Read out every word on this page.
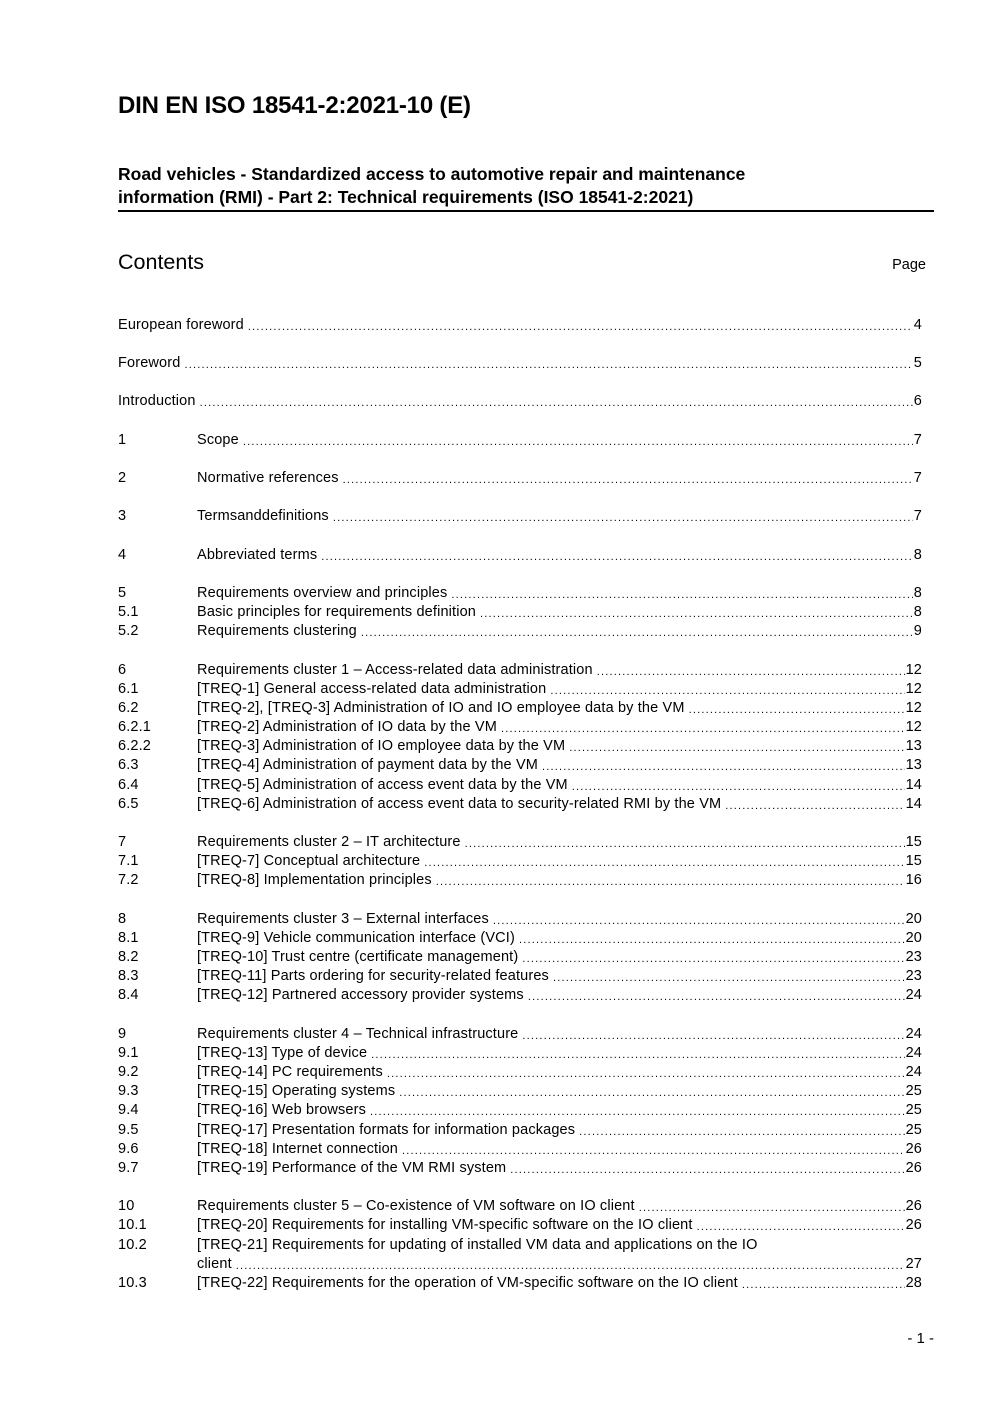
DIN EN ISO 18541-2:2021-10 (E)
Road vehicles - Standardized access to automotive repair and maintenance
information (RMI) - Part 2: Technical requirements (ISO 18541-2:2021)
Contents	Page
European foreword .....	4
Foreword .....	5
Introduction .....	6
1	Scope .....	7
2	Normative references .....	7
3	Termsanddefinitions .....	7
4	Abbreviated terms .....	8
5	Requirements overview and principles .....	8
5.1	Basic principles for requirements definition .....	8
5.2	Requirements clustering .....	9
6	Requirements cluster 1 – Access-related data administration .....	12
6.1	[TREQ-1] General access-related data administration .....	12
6.2	[TREQ-2], [TREQ-3] Administration of IO and IO employee data by the VM .....	12
6.2.1	[TREQ-2] Administration of IO data by the VM .....	12
6.2.2	[TREQ-3] Administration of IO employee data by the VM .....	13
6.3	[TREQ-4] Administration of payment data by the VM .....	13
6.4	[TREQ-5] Administration of access event data by the VM .....	14
6.5	[TREQ-6] Administration of access event data to security-related RMI by the VM .....	14
7	Requirements cluster 2 – IT architecture .....	15
7.1	[TREQ-7] Conceptual architecture .....	15
7.2	[TREQ-8] Implementation principles .....	16
8	Requirements cluster 3 – External interfaces .....	20
8.1	[TREQ-9] Vehicle communication interface (VCI) .....	20
8.2	[TREQ-10] Trust centre (certificate management) .....	23
8.3	[TREQ-11] Parts ordering for security-related features .....	23
8.4	[TREQ-12] Partnered accessory provider systems .....	24
9	Requirements cluster 4 – Technical infrastructure .....	24
9.1	[TREQ-13] Type of device .....	24
9.2	[TREQ-14] PC requirements .....	24
9.3	[TREQ-15] Operating systems .....	25
9.4	[TREQ-16] Web browsers .....	25
9.5	[TREQ-17] Presentation formats for information packages .....	25
9.6	[TREQ-18] Internet connection .....	26
9.7	[TREQ-19] Performance of the VM RMI system .....	26
10	Requirements cluster 5 – Co-existence of VM software on IO client .....	26
10.1	[TREQ-20] Requirements for installing VM-specific software on the IO client .....	26
10.2	[TREQ-21] Requirements for updating of installed VM data and applications on the IO
client .....	27
10.3	[TREQ-22] Requirements for the operation of VM-specific software on the IO client .....	28
- 1 -
